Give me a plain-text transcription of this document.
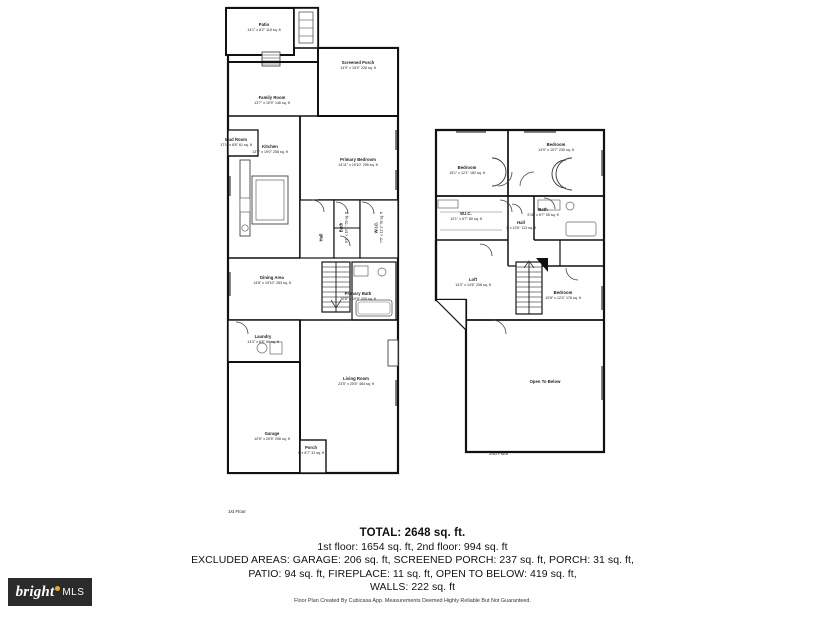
Patio
14'1" x 8'2" 115 sq. ft
Screened Porch
14'9" x 15'4" 226 sq. ft
Family Room
13'7" x 10'9" 146 sq. ft
Kitchen
13'7" x 19'0" 258 sq. ft
Mud Room
17'1" x 8'8" 61 sq. ft
Primary Bedroom
14'11" x 19'10" 295 sq. ft
Dining Area
14'8" x 19'10" 283 sq. ft
Primary Bath
10'8" x 19'9" 205 sq. ft
Laundry
14'3" x 6'8" 69 sq. ft
Living Room
23'5" x 25'5" 484 sq. ft
Garage
10'5" x 20'5" 206 sq. ft
Porch
9' x 6'7" 31 sq. ft
Bedroom
14'9" x 15'7" 230 sq. ft
Bedroom
15'1" x 12'1" 182 sq. ft
W.I.C.
12'1" x 6'7" 80 sq. ft
Bath
9'11" x 6'7" 55 sq. ft
Hall
1' x 12'6" 113 sq. ft
Loft
14'3" x 14'6" 206 sq. ft
Bedroom
10'8" x 12'4" 176 sq. ft
Open To Below
Bath 9'1" x 10'1" 59 sq. ft	W.I.C. 7'6" x 11'1" 78 sq. ft
Hall
1st Floor
2nd Floor
TOTAL: 2648 sq. ft.
1st floor: 1654 sq. ft, 2nd floor: 994 sq. ft
EXCLUDED AREAS: GARAGE: 206 sq. ft, SCREENED PORCH: 237 sq. ft, PORCH: 31 sq. ft,
PATIO: 94 sq. ft, FIREPLACE: 11 sq. ft, OPEN TO BELOW: 419 sq. ft,
WALLS: 222 sq. ft
Floor Plan Created By Cubicasa App. Measurements Deemed Highly Reliable But Not Guaranteed.
bright MLS
